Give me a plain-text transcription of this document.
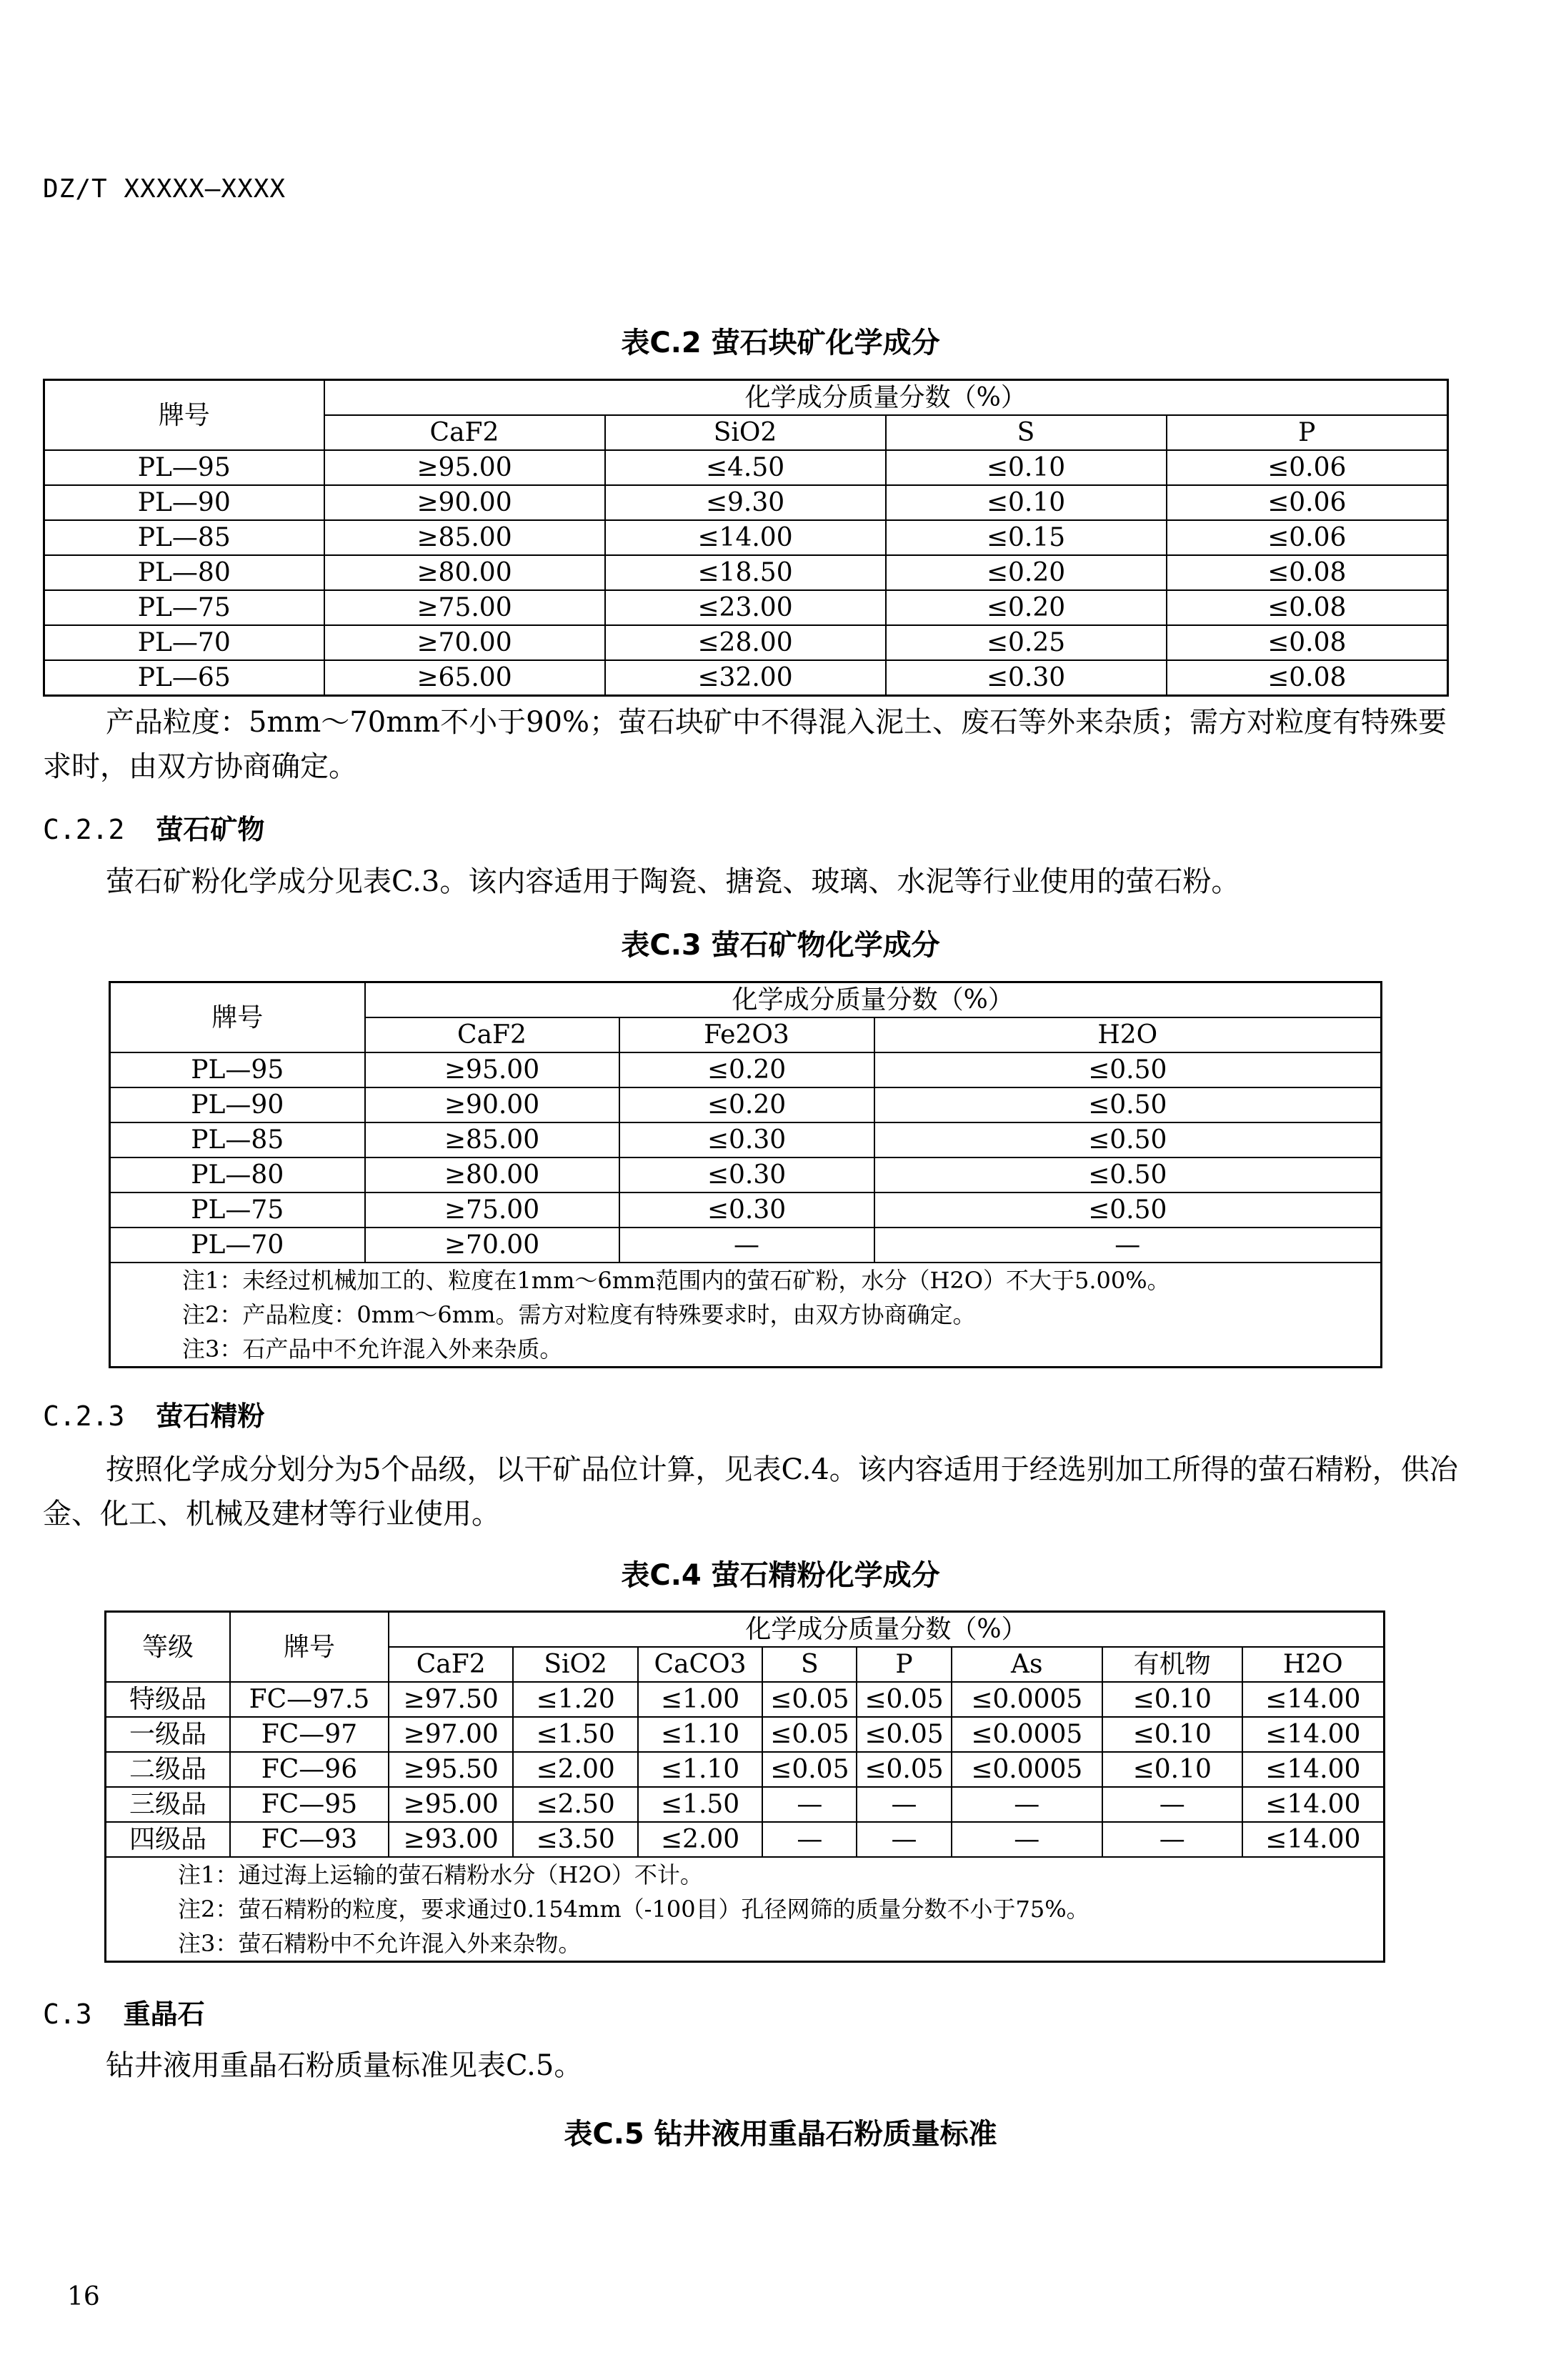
DZ/T XXXXX—XXXX
表C.2 萤石块矿化学成分
牌号	化学成分质量分数（%）			
	CaF2	SiO2	S	P
PL—95	≥95.00	≤4.50	≤0.10	≤0.06
PL—90	≥90.00	≤9.30	≤0.10	≤0.06
PL—85	≥85.00	≤14.00	≤0.15	≤0.06
PL—80	≥80.00	≤18.50	≤0.20	≤0.08
PL—75	≥75.00	≤23.00	≤0.20	≤0.08
PL—70	≥70.00	≤28.00	≤0.25	≤0.08
PL—65	≥65.00	≤32.00	≤0.30	≤0.08
产品粒度：5mm～70mm不小于90%；萤石块矿中不得混入泥土、废石等外来杂质；需方对粒度有特殊要求时，由双方协商确定。
C.2.2 萤石矿物
萤石矿粉化学成分见表C.3。该内容适用于陶瓷、搪瓷、玻璃、水泥等行业使用的萤石粉。
表C.3 萤石矿物化学成分
牌号	化学成分质量分数（%）		
	CaF2	Fe2O3	H2O
PL—95	≥95.00	≤0.20	≤0.50
PL—90	≥90.00	≤0.20	≤0.50
PL—85	≥85.00	≤0.30	≤0.50
PL—80	≥80.00	≤0.30	≤0.50
PL—75	≥75.00	≤0.30	≤0.50
PL—70	≥70.00	—	—

注1：未经过机械加工的、粒度在1mm～6mm范围内的萤石矿粉，水分（H2O）不大于5.00%。
注2：产品粒度：0mm～6mm。需方对粒度有特殊要求时，由双方协商确定。
注3：石产品中不允许混入外来杂质。			
C.2.3 萤石精粉
按照化学成分划分为5个品级，以干矿品位计算，见表C.4。该内容适用于经选别加工所得的萤石精粉，供冶金、化工、机械及建材等行业使用。
表C.4 萤石精粉化学成分
等级	牌号	化学成分质量分数（%）							
		CaF2	SiO2	CaCO3	S	P	As	有机物	H2O
特级品	FC—97.5	≥97.50	≤1.20	≤1.00	≤0.05	≤0.05	≤0.0005	≤0.10	≤14.00
一级品	FC—97	≥97.00	≤1.50	≤1.10	≤0.05	≤0.05	≤0.0005	≤0.10	≤14.00
二级品	FC—96	≥95.50	≤2.00	≤1.10	≤0.05	≤0.05	≤0.0005	≤0.10	≤14.00
三级品	FC—95	≥95.00	≤2.50	≤1.50	—	—	—	—	≤14.00
四级品	FC—93	≥93.00	≤3.50	≤2.00	—	—	—	—	≤14.00

注1：通过海上运输的萤石精粉水分（H2O）不计。
注2：萤石精粉的粒度，要求通过0.154mm（-100目）孔径网筛的质量分数不小于75%。
注3：萤石精粉中不允许混入外来杂物。									
C.3 重晶石
钻井液用重晶石粉质量标准见表C.5。
表C.5 钻井液用重晶石粉质量标准
16
